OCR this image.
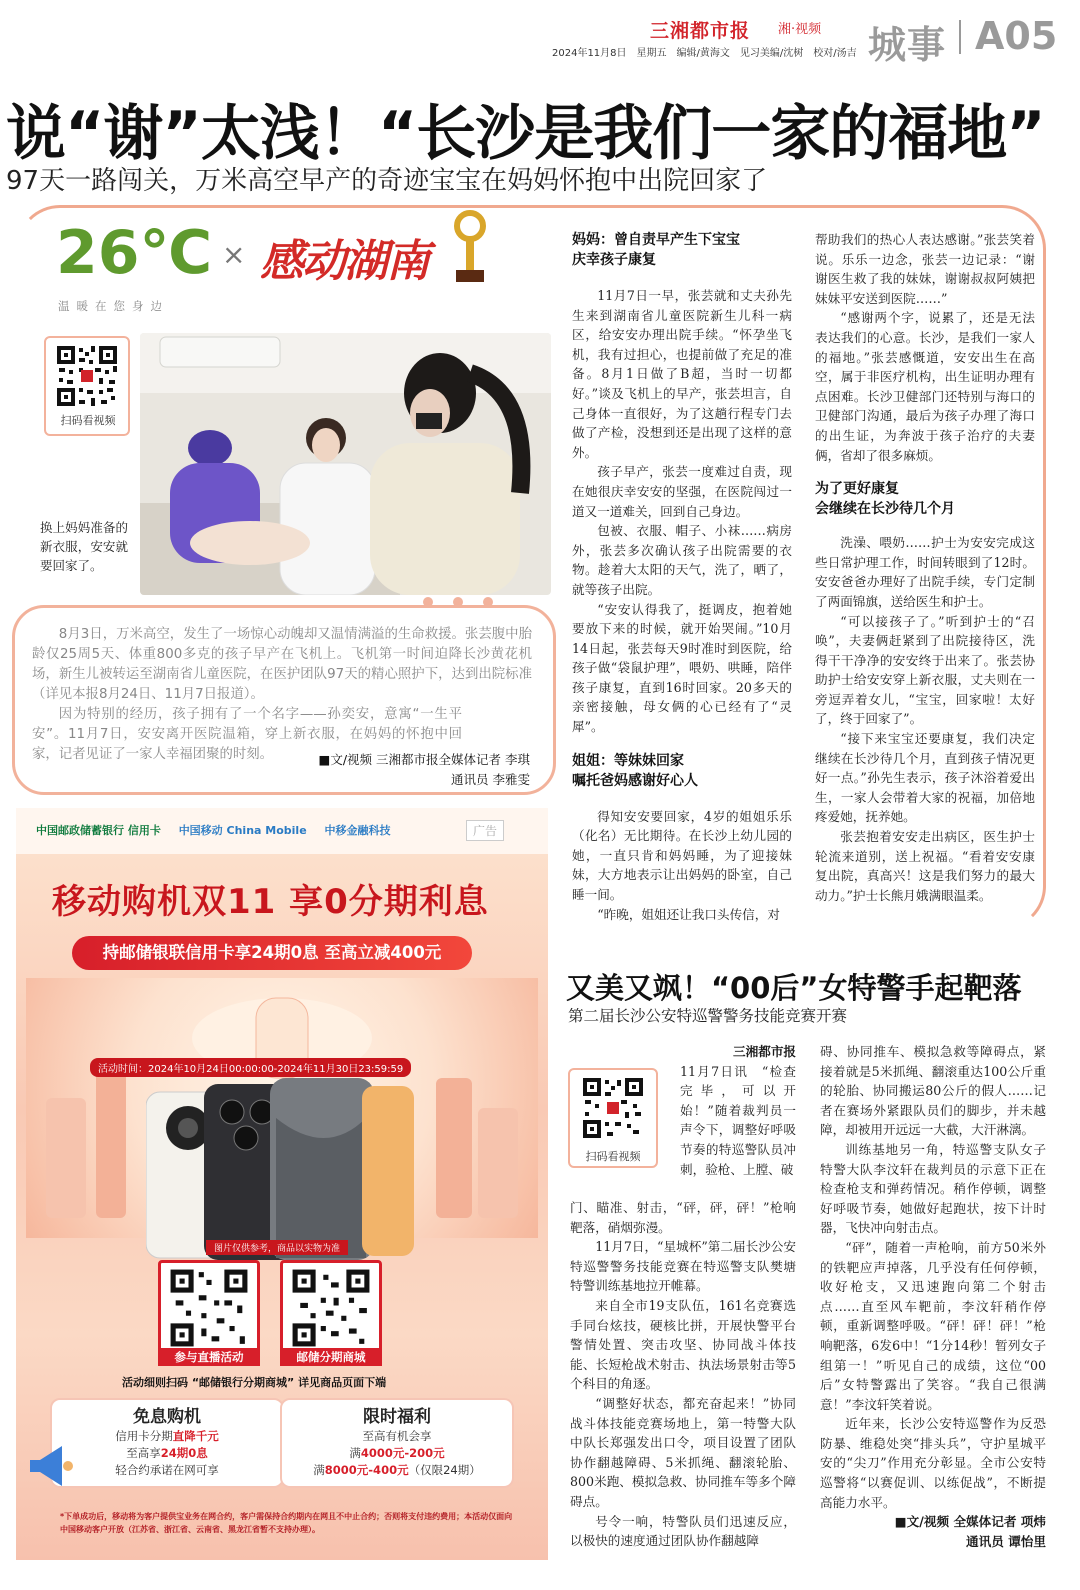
三湘都市报 湘·视频
2024年11月8日　星期五　编辑/黄海文　见习美编/沈树　校对/汤吉 城事 A05
说“谢”太浅！“长沙是我们一家的福地”
97天一路闯关，万米高空早产的奇迹宝宝在妈妈怀抱中出院回家了
26℃
温暖在您身边
× 感动湖南
扫码看视频
换上妈妈准备的新衣服，安安就要回家了。

8月3日，万米高空，发生了一场惊心动魄却又温情满溢的生命救援。张芸腹中胎龄仅25周5天、体重800多克的孩子早产在飞机上。飞机第一时间迫降长沙黄花机场，新生儿被转运至湖南省儿童医院，在医护团队97天的精心照护下，达到出院标准（详见本报8月24日、11月7日报道）。

因为特别的经历，孩子拥有了一个名字——孙奕安，意寓“一生平安”。11月7日，安安离开医院温箱，穿上新衣服，在妈妈的怀抱中回家，记者见证了一家人幸福团聚的时刻。	■文/视频 三湘都市报全媒体记者 李琪
通讯员 李雅雯
妈妈：曾自责早产生下宝宝
庆幸孩子康复

11月7日一早，张芸就和丈夫孙先生来到湖南省儿童医院新生儿科一病区，给安安办理出院手续。“怀孕坐飞机，我有过担心，也提前做了充足的准备。8月1日做了B超，当时一切都好。”谈及飞机上的早产，张芸坦言，自己身体一直很好，为了这趟行程专门去做了产检，没想到还是出现了这样的意外。

孩子早产，张芸一度难过自责，现在她很庆幸安安的坚强，在医院闯过一道又一道难关，回到自己身边。

包被、衣服、帽子、小袜……病房外，张芸多次确认孩子出院需要的衣物。趁着大太阳的天气，洗了，晒了，就等孩子出院。

“安安认得我了，挺调皮，抱着她要放下来的时候，就开始哭闹。”10月14日起，张芸每天9时准时到医院，给孩子做“袋鼠护理”，喂奶、哄睡，陪伴孩子康复，直到16时回家。20多天的亲密接触，母女俩的心已经有了“灵犀”。

姐姐：等妹妹回家
嘱托爸妈感谢好心人

得知安安要回家，4岁的姐姐乐乐（化名）无比期待。在长沙上幼儿园的她，一直只肯和妈妈睡，为了迎接妹妹，大方地表示让出妈妈的卧室，自己睡一间。

“昨晚，姐姐还让我口头传信，对

帮助我们的热心人表达感谢。”张芸笑着说。乐乐一边念，张芸一边记录：“谢谢医生救了我的妹妹，谢谢叔叔阿姨把妹妹平安送到医院……”

“感谢两个字，说累了，还是无法表达我们的心意。长沙，是我们一家人的福地。”张芸感慨道，安安出生在高空，属于非医疗机构，出生证明办理有点困难。长沙卫健部门还特别与海口的卫健部门沟通，最后为孩子办理了海口的出生证，为奔波于孩子治疗的夫妻俩，省却了很多麻烦。

为了更好康复
会继续在长沙待几个月

洗澡、喂奶……护士为安安完成这些日常护理工作，时间转眼到了12时。安安爸爸办理好了出院手续，专门定制了两面锦旗，送给医生和护士。

“可以接孩子了。”听到护士的“召唤”，夫妻俩赶紧到了出院接待区，洗得干干净净的安安终于出来了。张芸协助护士给安安穿上新衣服，丈夫则在一旁逗弄着女儿，“宝宝，回家啦！太好了，终于回家了”。

“接下来宝宝还要康复，我们决定继续在长沙待几个月，直到孩子情况更好一点。”孙先生表示，孩子沐浴着爱出生，一家人会带着大家的祝福，加倍地疼爱她，抚养她。

张芸抱着安安走出病区，医生护士轮流来道别，送上祝福。“看着安安康复出院，真高兴！这是我们努力的最大动力。”护士长熊月娥满眼温柔。

中国邮政储蓄银行 信用卡 中国移动 China Mobile 中移金融科技	广告
移动购机双11 享0分期利息
持邮储银联信用卡享24期0息 至高立减400元
活动时间：2024年10月24日00:00:00-2024年11月30日23:59:59
图片仅供参考，商品以实物为准
参与直播活动	邮储分期商城
活动细则扫码 “邮储银行分期商城” 详见商品页面下端
免息购机
信用卡分期直降千元
至高享24期0息
轻合约承诺在网可享
限时福利
至高有机会享
满4000元-200元
满8000元-400元（仅限24期）
*下单成功后，移动将为客户提供宝业务在网合约，客户需保持合约期内在网且不中止合约；否则将支付违约费用；本活动仅面向中国移动客户开放（江苏省、浙江省、云南省、黑龙江省暂不支持办理）。
又美又飒！“00后”女特警手起靶落
第二届长沙公安特巡警警务技能竞赛开赛
扫码看视频
三湘都市报
11月7日讯　“检查完毕，可以开始！”随着裁判员一声令下，调整好呼吸节奏的特巡警队员冲刺，验枪、上膛、破

门、瞄准、射击，“砰，砰，砰！”枪响靶落，硝烟弥漫。

11月7日，“星城杯”第二届长沙公安特巡警警务技能竞赛在特巡警支队樊塘特警训练基地拉开帷幕。

来自全市19支队伍，161名竞赛选手同台炫技，硬核比拼，开展快警平台警情处置、突击攻坚、协同战斗体技能、长短枪战术射击、执法场景射击等5个科目的角逐。

“调整好状态，都充奋起来！”协同战斗体技能竞赛场地上，第一特警大队中队长郑强发出口令，项目设置了团队协作翻越障碍、5米抓绳、翻滚轮胎、800米跑、模拟急救、协同推车等多个障碍点。

号令一响，特警队员们迅速反应，以极快的速度通过团队协作翻越障

碍、协同推车、模拟急救等障碍点，紧接着就是5米抓绳、翻滚重达100公斤重的轮胎、协同搬运80公斤的假人……记者在赛场外紧跟队员们的脚步，并未越障，却被用开远远一大截，大汗淋漓。

训练基地另一角，特巡警支队女子特警大队李汶轩在裁判员的示意下正在检查枪支和弹药情况。稍作停顿，调整好呼吸节奏，她做好起跑状，按下计时器，飞快冲向射击点。

“砰”，随着一声枪响，前方50米外的铁靶应声掉落，几乎没有任何停顿，收好枪支，又迅速跑向第二个射击点……直至风车靶前，李汶轩稍作停顿，重新调整呼吸。“砰！砰！砰！”枪响靶落，6发6中！“1分14秒！暂列女子组第一！”听见自己的成绩，这位“00后”女特警露出了笑容。“我自己很满意！”李汶轩笑着说。

近年来，长沙公安特巡警作为反恐防暴、维稳处突“排头兵”，守护星城平安的“尖刀”作用充分彰显。全市公安特巡警将“以赛促训、以练促战”，不断提高能力水平。

■文/视频 全媒体记者 项炜
通讯员 谭怡里
